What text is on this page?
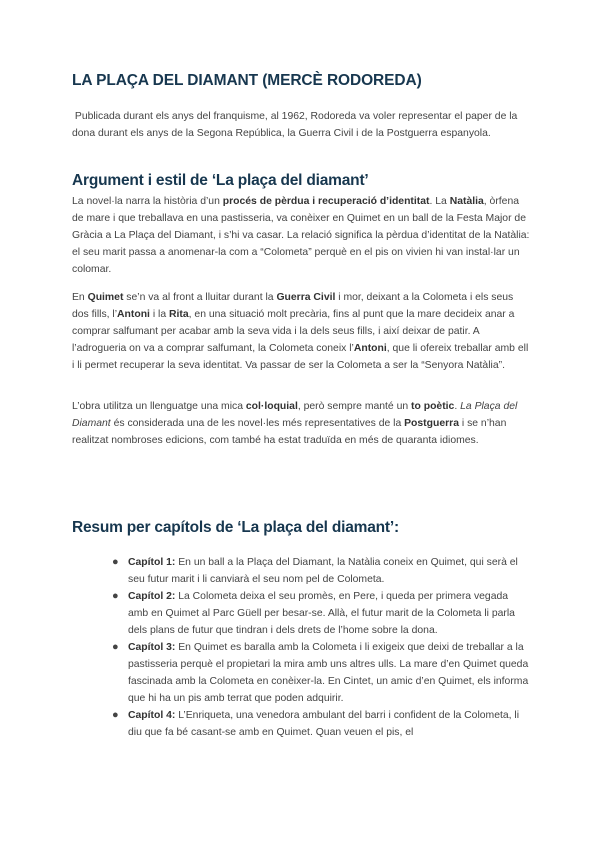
LA PLAÇA DEL DIAMANT (MERCÈ RODOREDA)

Publicada durant els anys del franquisme, al 1962, Rodoreda va voler representar el paper de la dona durant els anys de la Segona República, la Guerra Civil i de la Postguerra espanyola.

Argument i estil de ‘La plaça del diamant’

La novel·la narra la història d’un procés de pèrdua i recuperació d’identitat. La Natàlia, òrfena de mare i que treballava en una pastisseria, va conèixer en Quimet en un ball de la Festa Major de Gràcia a La Plaça del Diamant, i s’hi va casar. La relació significa la pèrdua d’identitat de la Natàlia: el seu marit passa a anomenar-la com a “Colometa” perquè en el pis on vivien hi van instal·lar un colomar.

En Quimet se’n va al front a lluitar durant la Guerra Civil i mor, deixant a la Colometa i els seus dos fills, l’Antoni i la Rita, en una situació molt precària, fins al punt que la mare decideix anar a comprar salfumant per acabar amb la seva vida i la dels seus fills, i així deixar de patir. A l’adrogueria on va a comprar salfumant, la Colometa coneix l’Antoni, que li ofereix treballar amb ell i li permet recuperar la seva identitat. Va passar de ser la Colometa a ser la “Senyora Natàlia”.

L’obra utilitza un llenguatge una mica col·loquial, però sempre manté un to poètic. La Plaça del Diamant és considerada una de les novel·les més representatives de la Postguerra i se n’han realitzat nombroses edicions, com també ha estat traduïda en més de quaranta idiomes.

Resum per capítols de ‘La plaça del diamant’:
● Capítol 1: En un ball a la Plaça del Diamant, la Natàlia coneix en Quimet, qui serà el seu futur marit i li canviarà el seu nom pel de Colometa.
● Capítol 2: La Colometa deixa el seu promès, en Pere, i queda per primera vegada amb en Quimet al Parc Güell per besar-se. Allà, el futur marit de la Colometa li parla dels plans de futur que tindran i dels drets de l’home sobre la dona.
● Capítol 3: En Quimet es baralla amb la Colometa i li exigeix que deixi de treballar a la pastisseria perquè el propietari la mira amb uns altres ulls. La mare d’en Quimet queda fascinada amb la Colometa en conèixer-la. En Cintet, un amic d’en Quimet, els informa que hi ha un pis amb terrat que poden adquirir.
● Capítol 4: L’Enriqueta, una venedora ambulant del barri i confident de la Colometa, li diu que fa bé casant-se amb en Quimet. Quan veuen el pis, el
